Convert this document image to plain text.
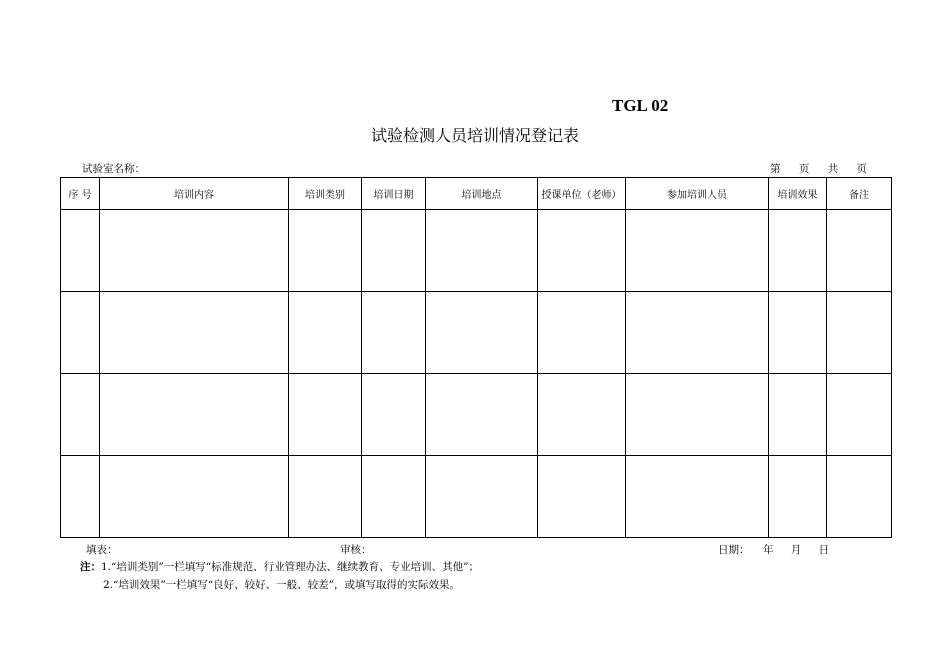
TGL 02
试验检测人员培训情况登记表
试验室名称：	第 页 共 页
序 号	培训内容	培训类别	培训日期	培训地点	授课单位（老师）	参加培训人员	培训效果	备注

填表：	审核：	日期： 年 月 日
注：1.“培训类别”一栏填写“标准规范、行业管理办法、继续教育、专业培训、其他”；
2.“培训效果”一栏填写“良好、较好、一般、较差”，或填写取得的实际效果。
